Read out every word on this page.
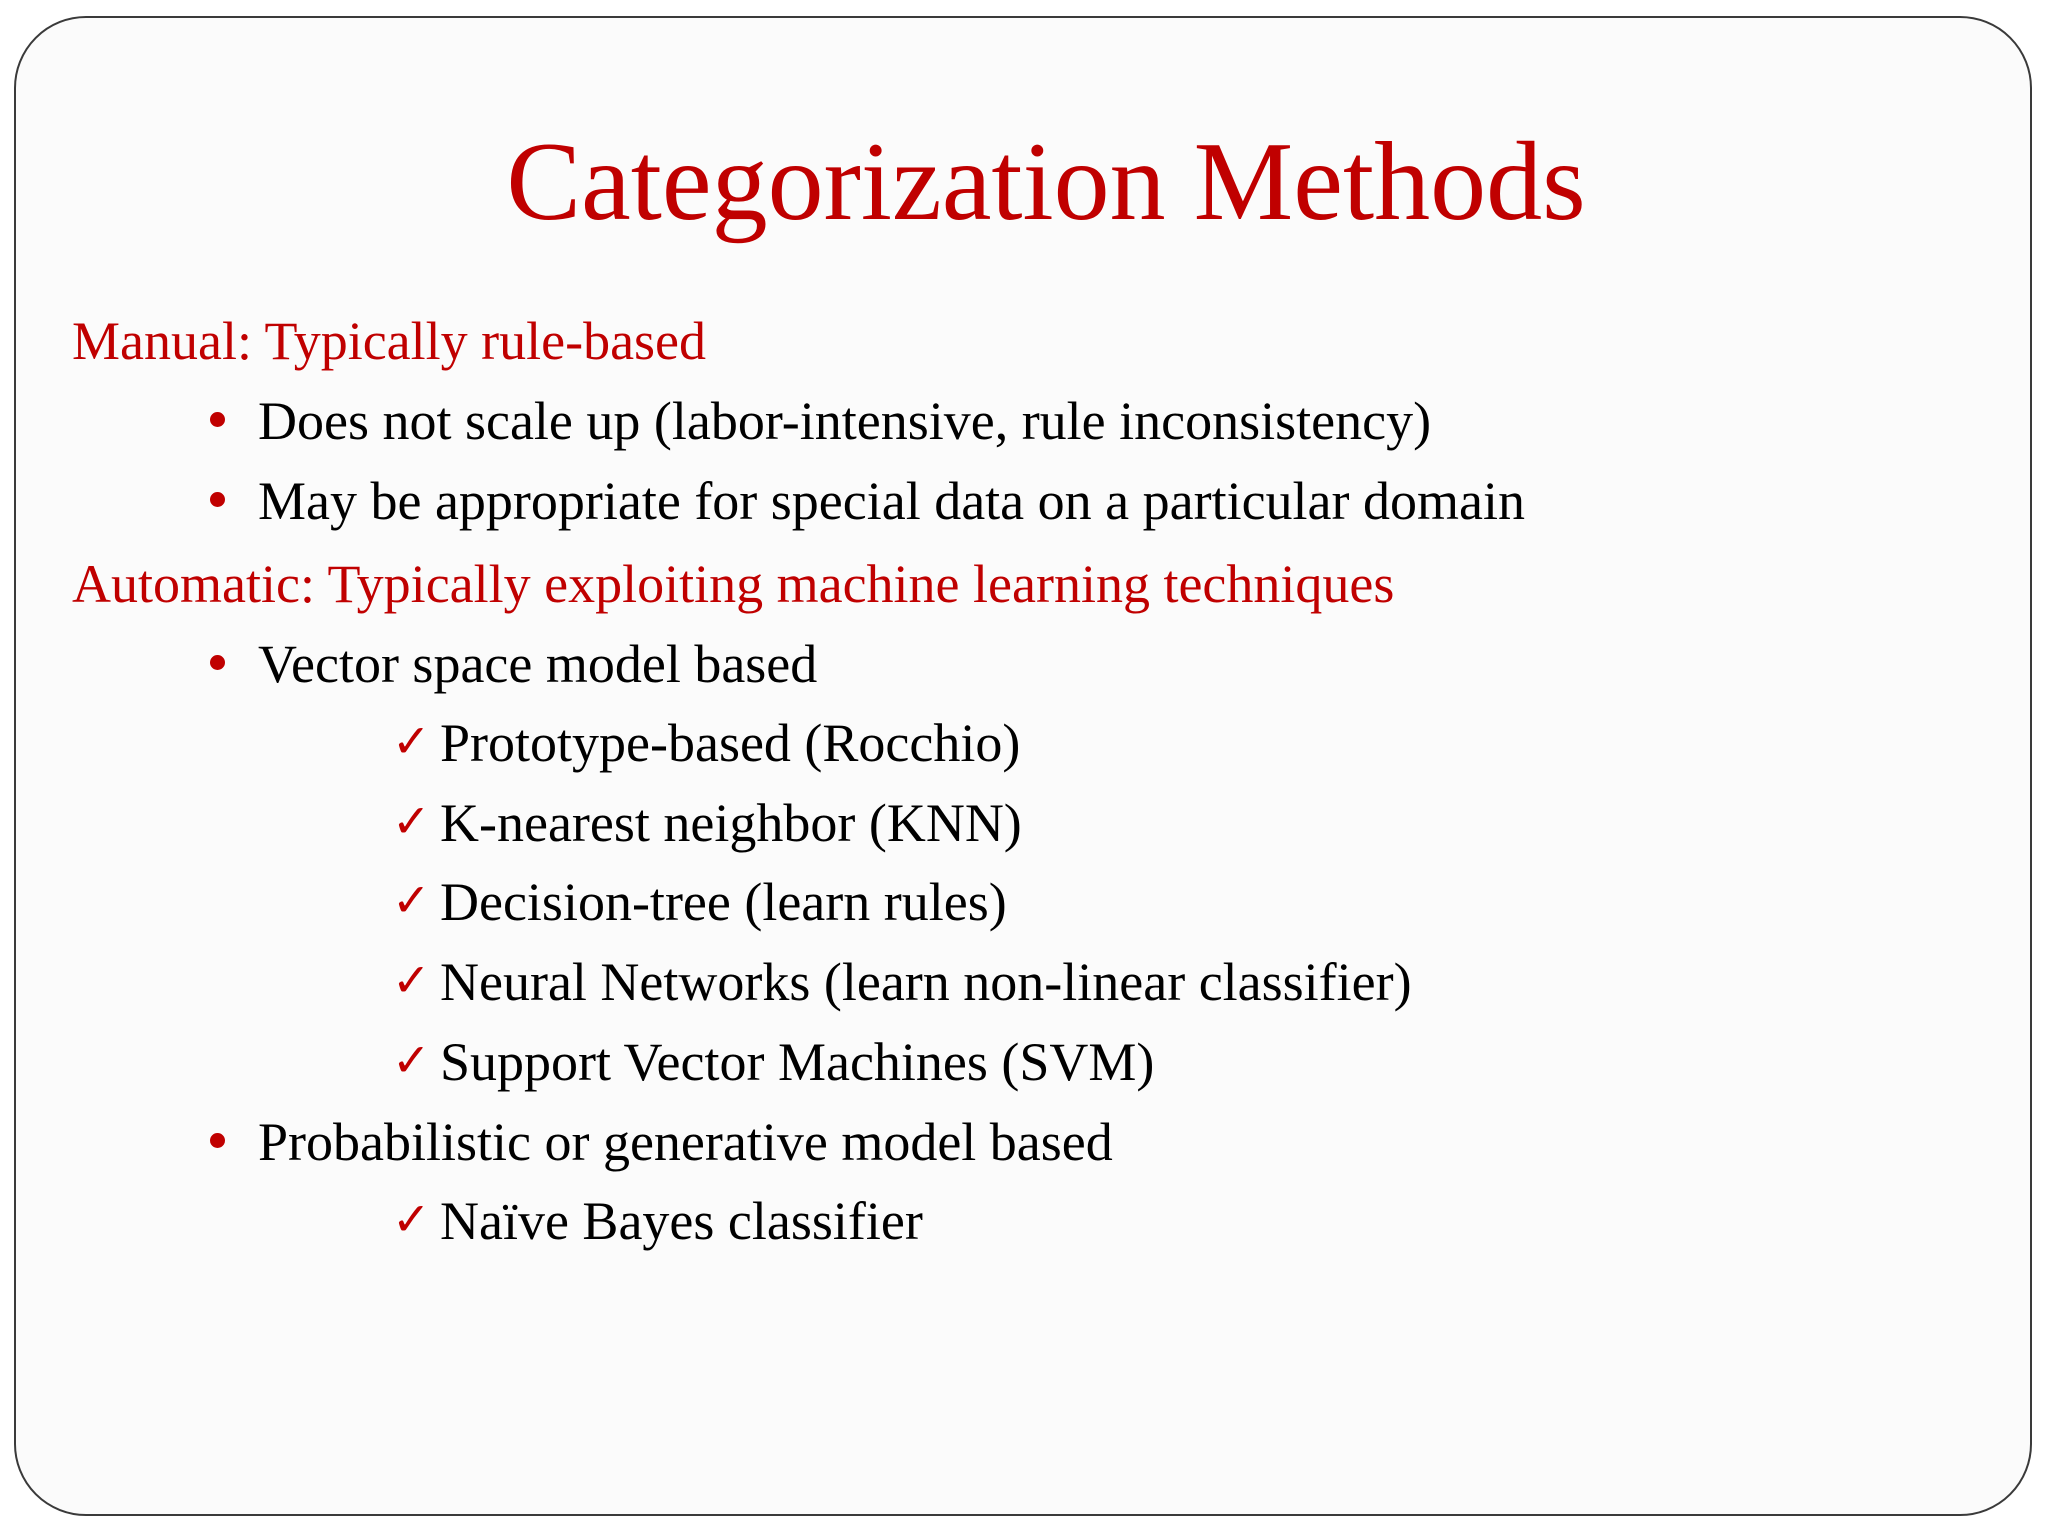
Categorization Methods
Manual: Typically rule-based
Does not scale up (labor-intensive, rule inconsistency)
May be appropriate for special data on a particular domain
Automatic: Typically exploiting machine learning techniques
Vector space model based
✓ Prototype-based (Rocchio)
✓ K-nearest neighbor (KNN)
✓ Decision-tree (learn rules)
✓ Neural Networks (learn non-linear classifier)
✓ Support Vector Machines (SVM)
Probabilistic or generative model based
✓ Naïve Bayes classifier
